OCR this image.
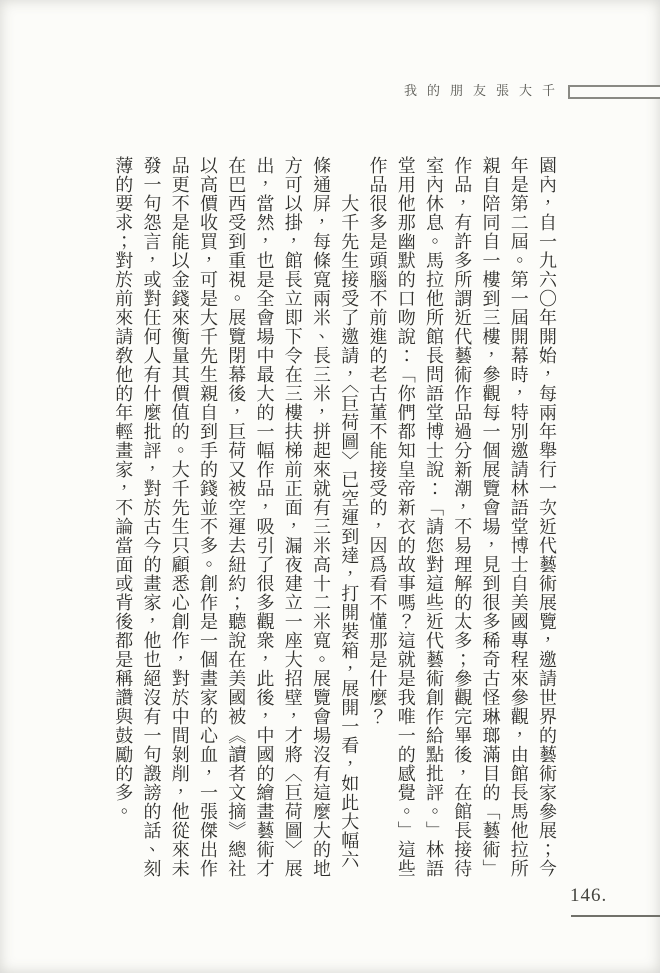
我的朋友張大千

園內，自一九六〇年開始，每兩年舉行一次近代藝術展覽，邀請世界的藝術家參展；今年是第二屆。第一屆開幕時，特別邀請林語堂博士自美國專程來參觀，由館長馬他拉所親自陪同自一樓到三樓，參觀每一個展覽會場，見到很多稀奇古怪琳瑯滿目的「藝術」作品，有許多所謂近代藝術作品過分新潮，不易理解的太多；參觀完畢後，在館長接待室內休息。馬拉他所館長問語堂博士說：「請您對這些近代藝術創作給點批評。」林語堂用他那幽默的口吻說：「你們都知皇帝新衣的故事嗎？這就是我唯一的感覺。」這些作品很多是頭腦不前進的老古董不能接受的，因爲看不懂那是什麼？

大千先生接受了邀請，〈巨荷圖〉已空運到達，打開裝箱，展開一看，如此大幅六條通屏，每條寬兩米、長三米，拼起來就有三米高十二米寬。展覽會場沒有這麼大的地方可以掛，館長立即下令在三樓扶梯前正面，漏夜建立一座大招壁，才將〈巨荷圖〉展出，當然，也是全會場中最大的一幅作品，吸引了很多觀衆，此後，中國的繪畫藝術才在巴西受到重視。展覽閉幕後，巨荷又被空運去紐約；聽說在美國被《讀者文摘》總社以高價收買，可是大千先生親自到手的錢並不多。創作是一個畫家的心血，一張傑出作品更不是能以金錢來衡量其價值的。大千先生只顧悉心創作，對於中間剝削，他從來未發一句怨言，或對任何人有什麼批評，對於古今的畫家，他也絕沒有一句譭謗的話、刻薄的要求；對於前來請敎他的年輕畫家，不論當面或背後都是稱讚與鼓勵的多。

146.
